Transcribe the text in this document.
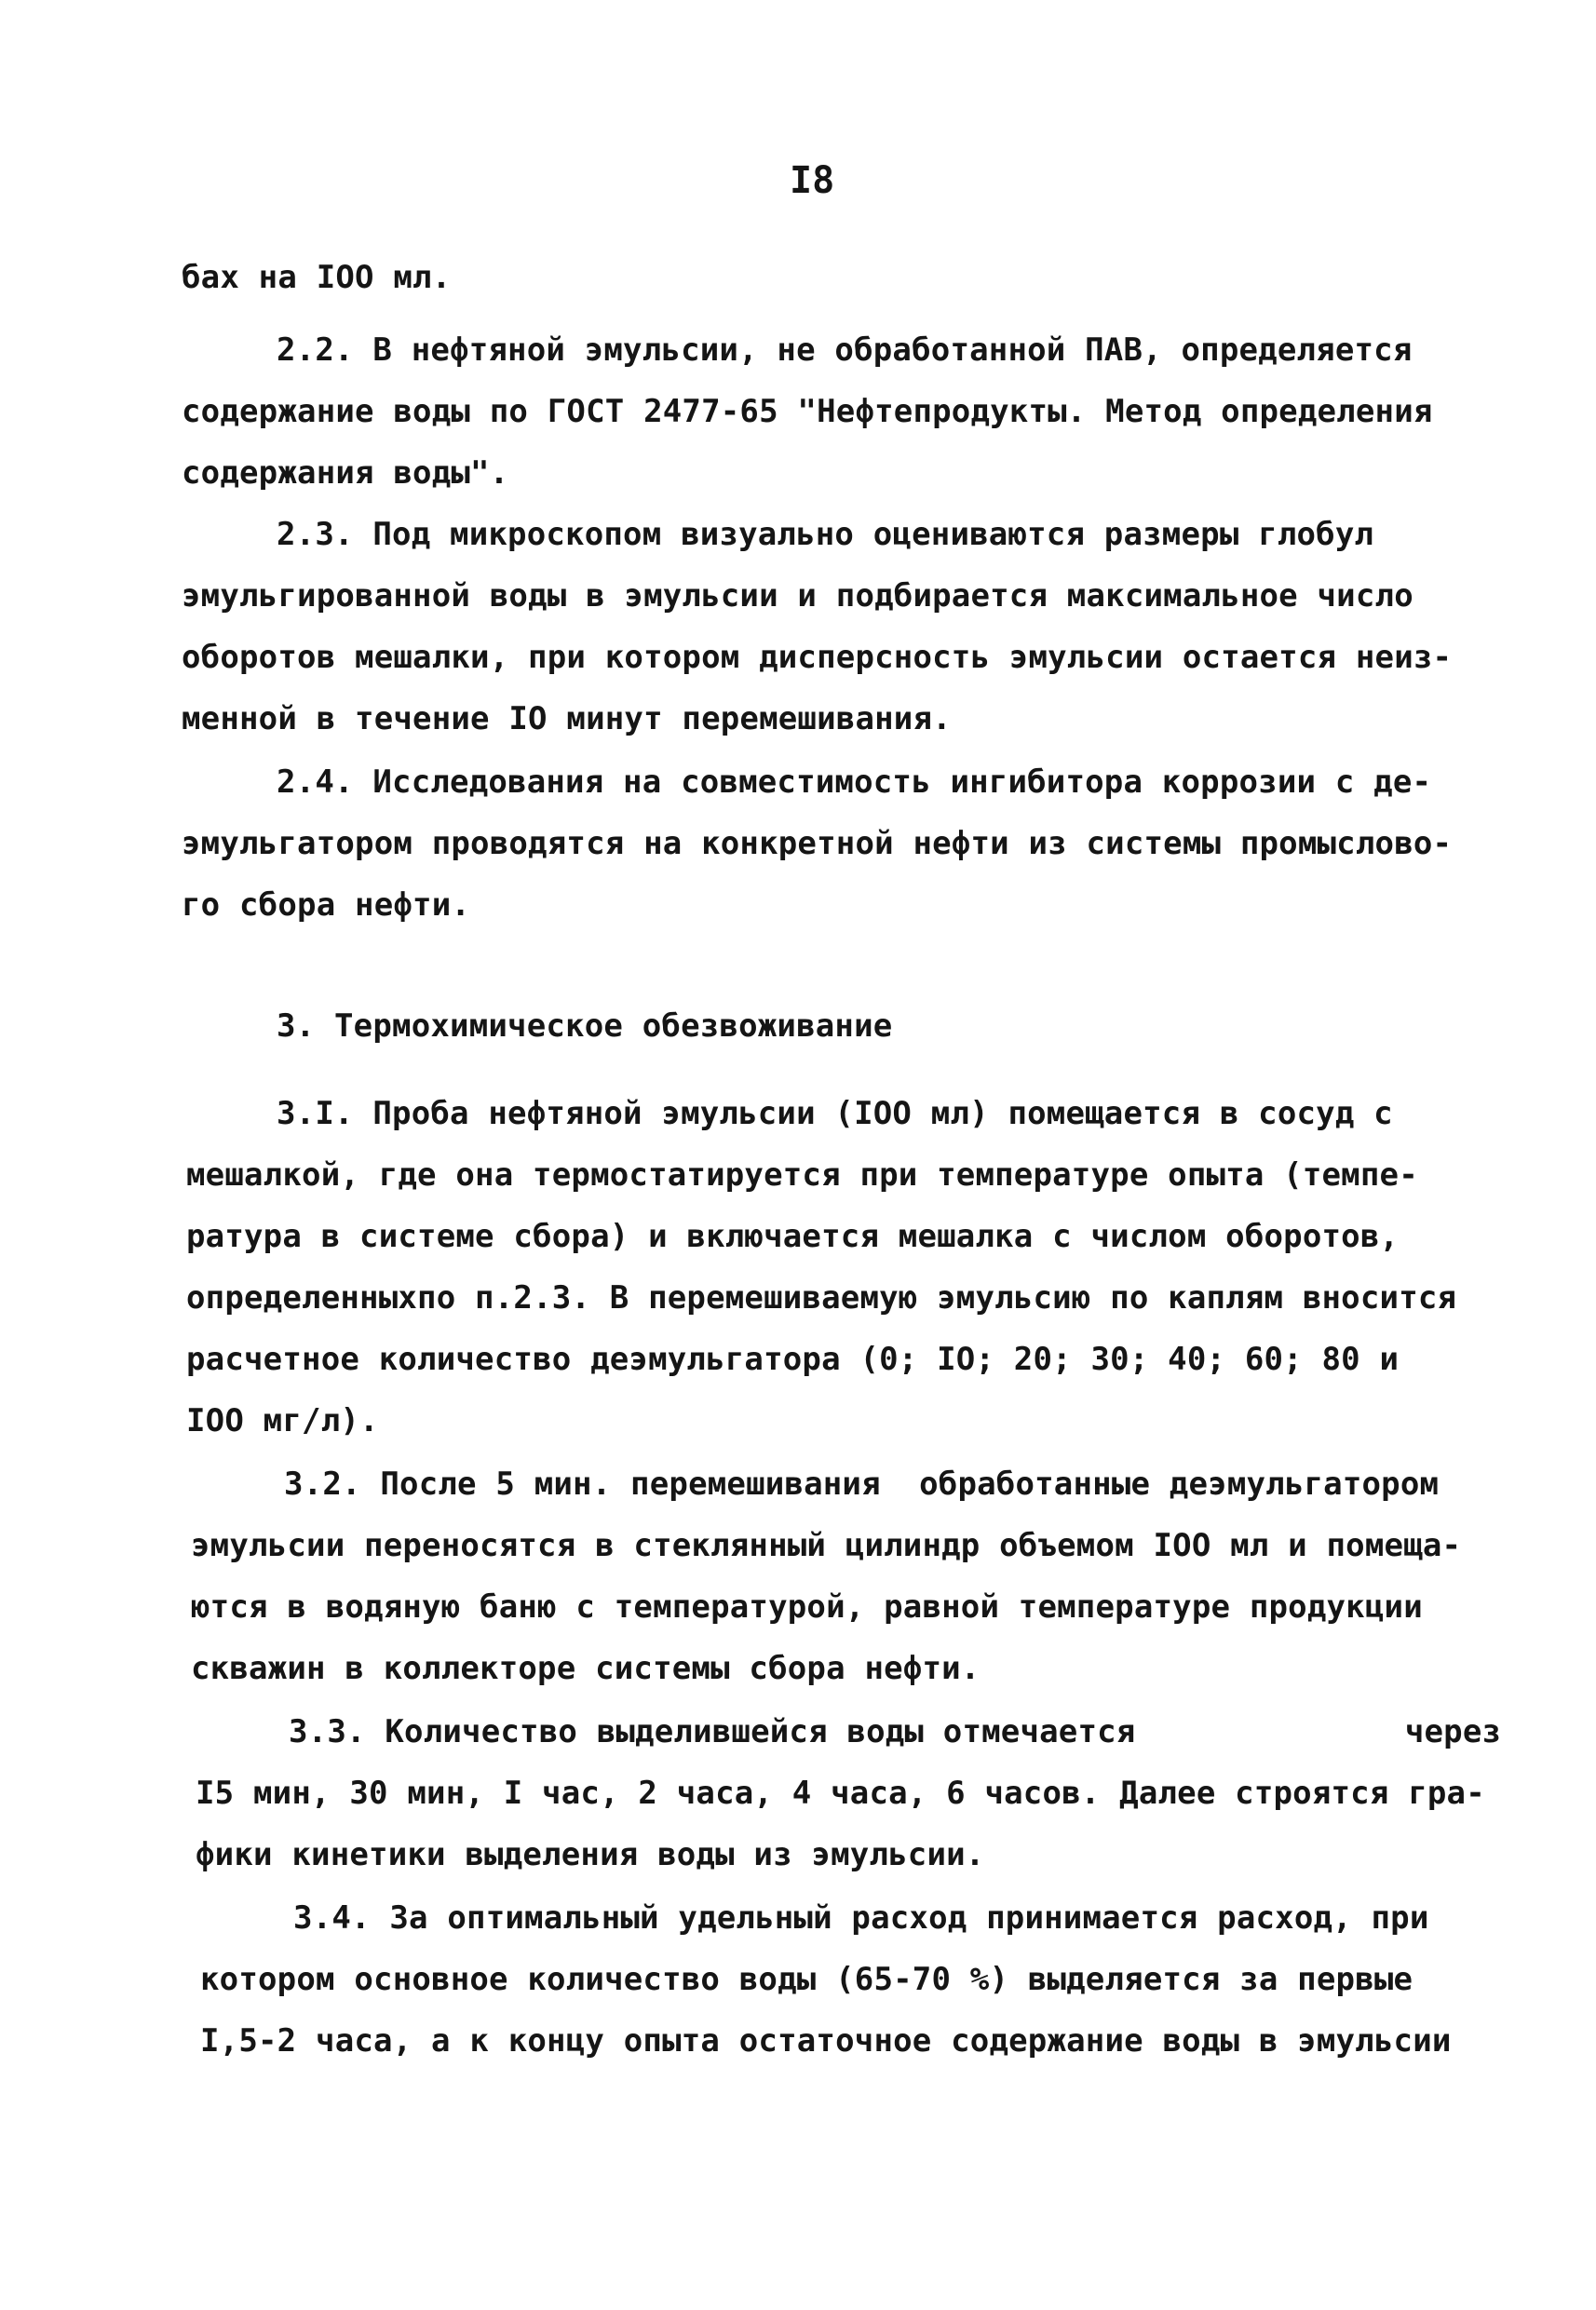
I8
бах на IOO мл.
2.2. В нефтяной эмульсии, не обработанной ПАВ, определяется
содержание воды по ГОСТ 2477-65 "Нефтепродукты. Метод определения
содержания воды".
2.3. Под микроскопом визуально оцениваются размеры глобул
эмульгированной воды в эмульсии и подбирается максимальное число
оборотов мешалки, при котором дисперсность эмульсии остается неиз-
менной в течение IO минут перемешивания.
2.4. Исследования на совместимость ингибитора коррозии с де-
эмульгатором проводятся на конкретной нефти из системы промыслово-
го сбора нефти.
3. Термохимическое обезвоживание
3.I. Проба нефтяной эмульсии (IOO мл) помещается в сосуд с
мешалкой, где она термостатируется при температуре опыта (темпе-
ратура в системе сбора) и включается мешалка с числом оборотов,
определенныхпо п.2.3. В перемешиваемую эмульсию по каплям вносится
расчетное количество деэмульгатора (0; IO; 20; 30; 40; 60; 80 и
IOO мг/л).
3.2. После 5 мин. перемешивания  обработанные деэмульгатором
эмульсии переносятся в стеклянный цилиндр объемом IOO мл и помеща-
ются в водяную баню с температурой, равной температуре продукции
скважин в коллекторе системы сбора нефти.
3.3. Количество выделившейся воды отмечается              через
I5 мин, 30 мин, I час, 2 часа, 4 часа, 6 часов. Далее строятся гра-
фики кинетики выделения воды из эмульсии.
3.4. За оптимальный удельный расход принимается расход, при
котором основное количество воды (65-70 %) выделяется за первые
I,5-2 часа, а к концу опыта остаточное содержание воды в эмульсии
